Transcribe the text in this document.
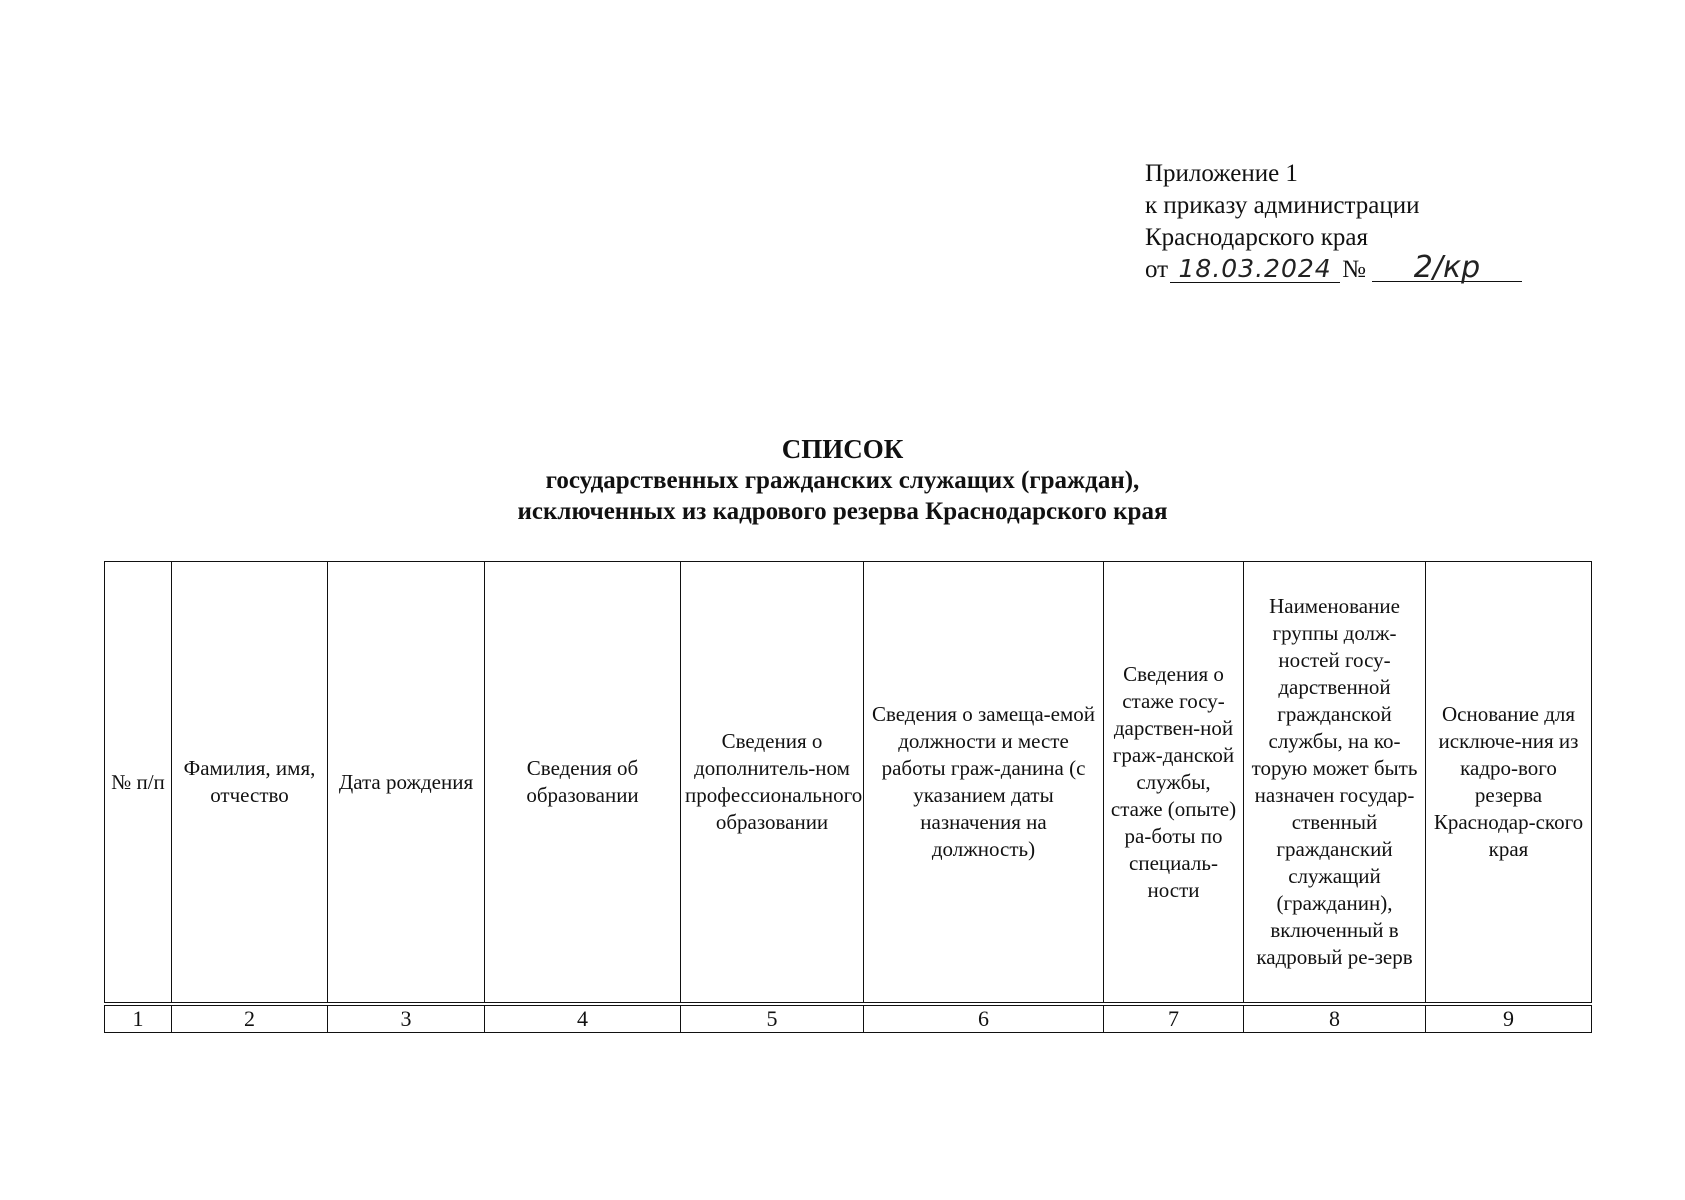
Приложение 1
к приказу администрации
Краснодарского края
от 18.03.2024 № 2/кр
СПИСОК
государственных гражданских служащих (граждан),
исключенных из кадрового резерва Краснодарского края
№ п/п	Фамилия, имя, отчество	Дата рождения	Сведения об образовании	Сведения о дополнитель-ном профессионального образовании	Сведения о замеща-емой должности и месте работы граж-данина (с указанием даты назначения на должность)	Сведения о стаже госу-дарствен-ной граж-данской службы, стаже (опыте) ра-боты по специаль-ности	Наименование группы долж-ностей госу-дарственной гражданской службы, на ко-торую может быть назначен государ-ственный гражданский служащий (гражданин), включенный в кадровый ре-зерв	Основание для исключе-ния из кадро-вого резерва Краснодар-ского края
1	2	3	4	5	6	7	8	9
